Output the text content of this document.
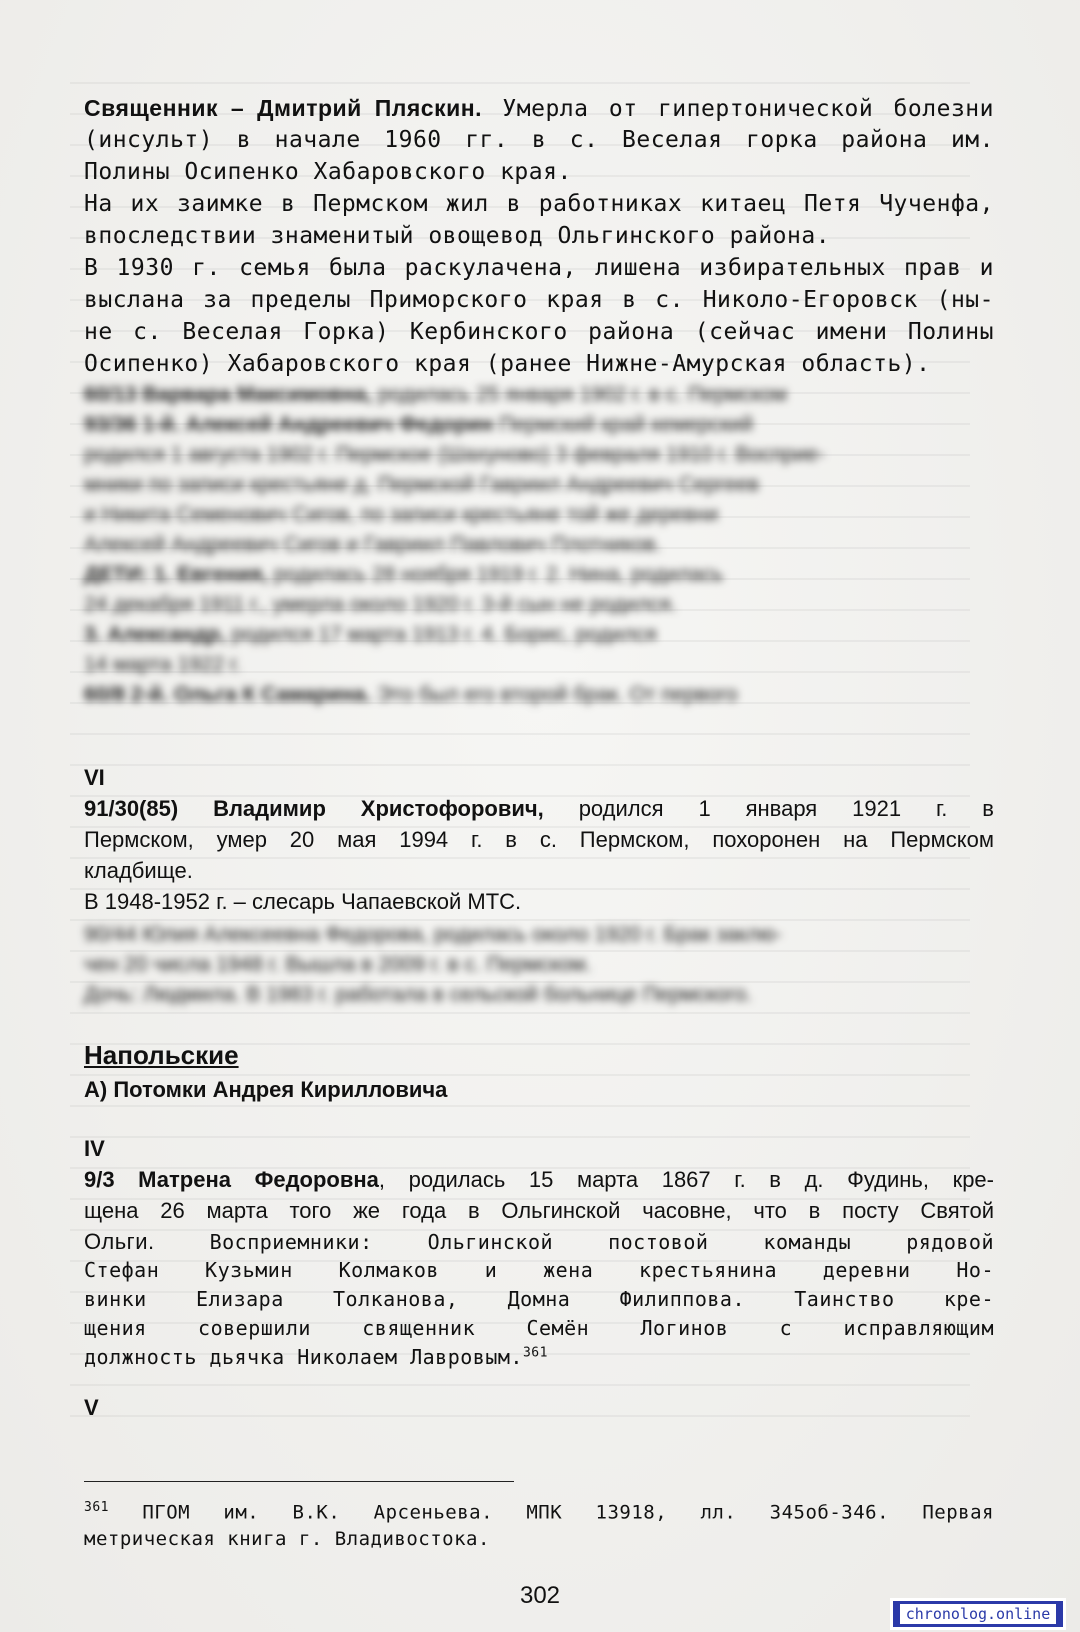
Священник – Дмитрий Пляскин. Умерла от гипертонической болезни
(инсульт) в начале 1960 гг. в с. Веселая горка района им.
Полины Осипенко Хабаровского края.
На их заимке в Пермском жил в работниках китаец Петя Чученфа,
впоследствии знаменитый овощевод Ольгинского района.
В 1930 г. семья была раскулачена, лишена избирательных прав и
выслана за пределы Приморского края в с. Николо-Егоровск (ны-
не с. Веселая Горка) Кербинского района (сейчас имени Полины
Осипенко) Хабаровского края (ранее Нижне-Амурская область).
60/13 Варвара Максимовна, родилась 25 января 1902 г. в с. Пермском
93/36 1-й. Алексей Андреевич Федорин Пермский край кемерский
родился 1 августа 1902 г. Пермское (Шахуново) 3 февраля 1910 г. Восприе-
мники по записи крестьяне д. Пермской Гавриил Андреевич Сергеев
и Никита Семенович Сигов, по записи крестьяне той же деревни
Алексей Андреевич Сигов и Гавриил Павлович Плотников.
ДЕТИ: 1. Евгения, родилась 28 ноября 1919 г. 2. Нина, родилась
24 декабря 1911 г., умерла около 1920 г. 3-й сын не родился.
3. Александр, родился 17 марта 1913 г. 4. Борис, родился
14 марта 1922 г.
60/8 2-й. Ольга К Самарина. Это был его второй брак. От первого
VI
91/30(85) Владимир Христофорович, родился 1 января 1921 г. в
Пермском, умер 20 мая 1994 г. в с. Пермском, похоронен на Пермском
кладбище.
В 1948-1952 г. – слесарь Чапаевской МТС.
90/44 Юлия Алексеевна Федорова, родилась около 1920 г. Брак заклю-
чен 20 числа 1948 г. Вышла в 2009 г. в с. Пермском.
Дочь: Людмила. В 1983 г. работала в сельской больнице Пермского.
Напольские
А) Потомки Андрея Кирилловича
IV
9/3 Матрена Федоровна, родилась 15 марта 1867 г. в д. Фудинь, кре-
щена 26 марта того же года в Ольгинской часовне, что в посту Святой
Ольги. Восприемники: Ольгинской постовой команды рядовой
Стефан Кузьмин Колмаков и жена крестьянина деревни Но-
винки Елизара Толканова, Домна Филиппова. Таинство кре-
щения совершили священник Семён Логинов с исправляющим
должность дьячка Николаем Лавровым.$^{361}$
V
$^{361}$ ПГОМ им. В.К. Арсеньева. МПК 13918, лл. 345об-346. Первая
метрическая книга г. Владивостока.
302
chronolog.online
